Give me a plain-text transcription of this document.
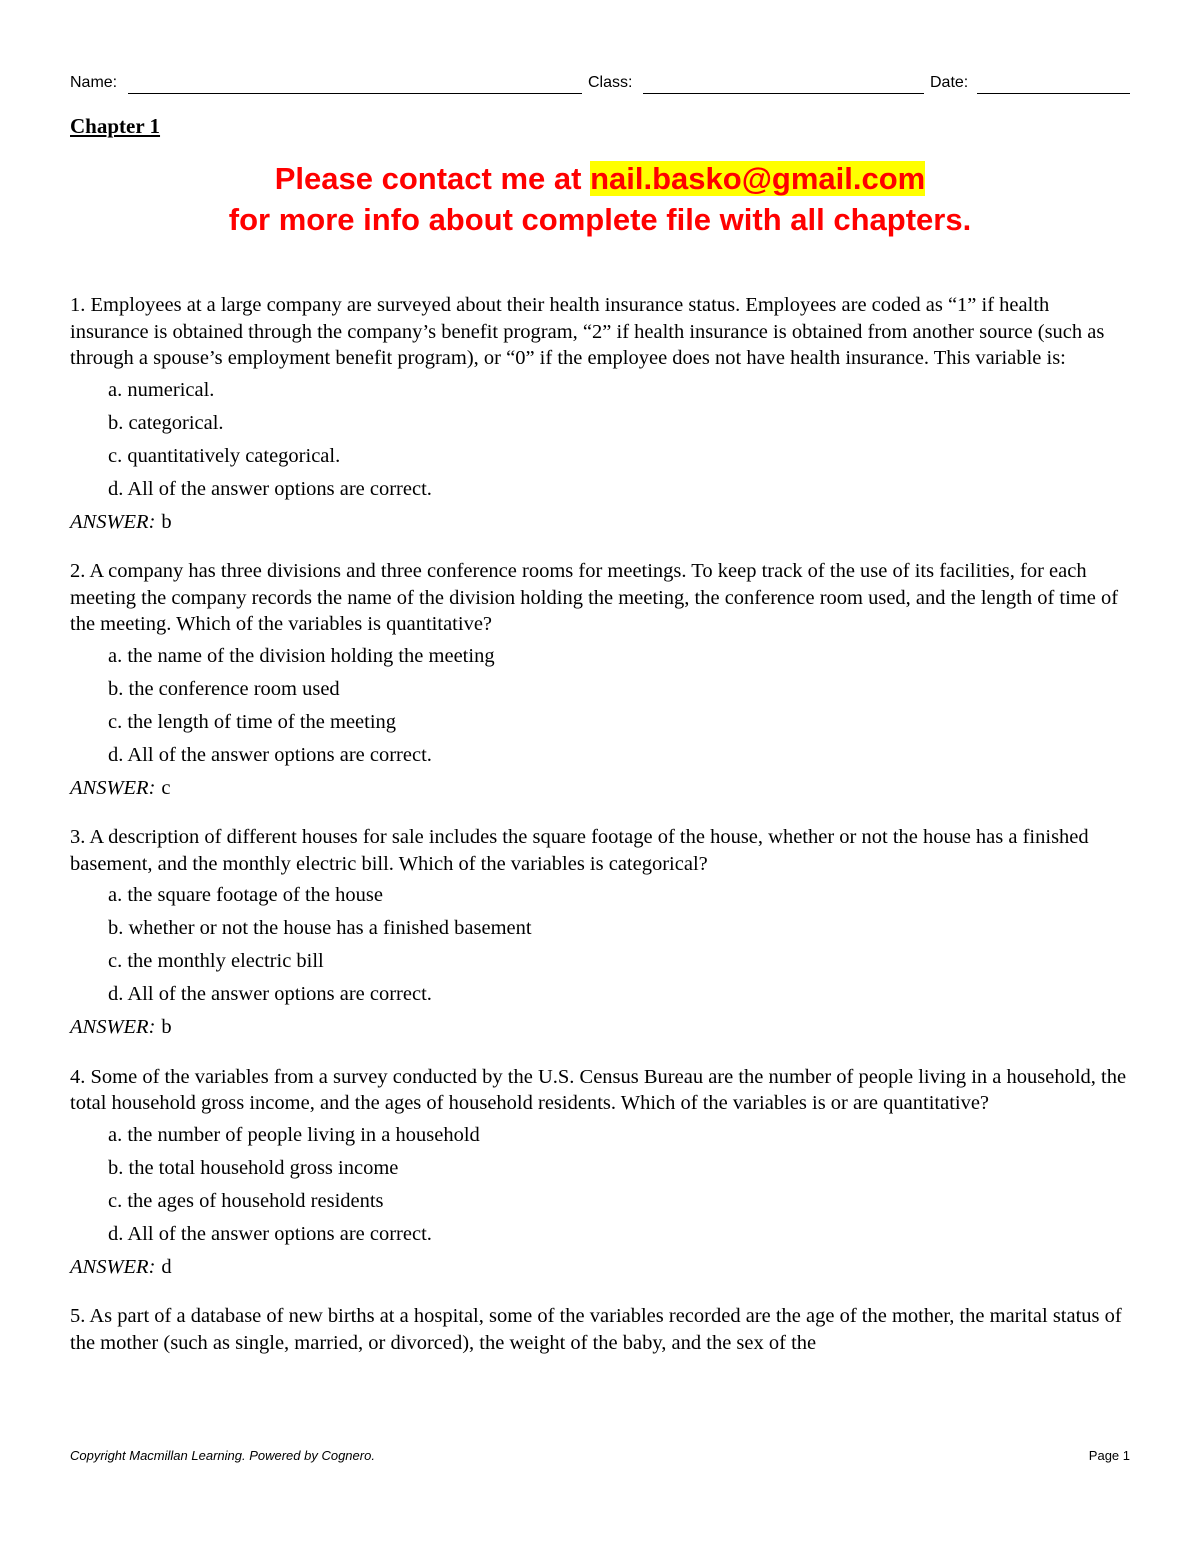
Name:	Class:	Date:
Chapter 1
Please contact me at nail.basko@gmail.com
for more info about complete file with all chapters.

1. Employees at a large company are surveyed about their health insurance status. Employees are coded as “1” if health insurance is obtained through the company’s benefit program, “2” if health insurance is obtained from another source (such as through a spouse’s employment benefit program), or “0” if the employee does not have health insurance. This variable is:

a. numerical.
b. categorical.
c. quantitatively categorical.
d. All of the answer options are correct.

ANSWER: b

2. A company has three divisions and three conference rooms for meetings. To keep track of the use of its facilities, for each meeting the company records the name of the division holding the meeting, the conference room used, and the length of time of the meeting. Which of the variables is quantitative?

a. the name of the division holding the meeting
b. the conference room used
c. the length of time of the meeting
d. All of the answer options are correct.

ANSWER: c

3. A description of different houses for sale includes the square footage of the house, whether or not the house has a finished basement, and the monthly electric bill. Which of the variables is categorical?

a. the square footage of the house
b. whether or not the house has a finished basement
c. the monthly electric bill
d. All of the answer options are correct.

ANSWER: b

4. Some of the variables from a survey conducted by the U.S. Census Bureau are the number of people living in a household, the total household gross income, and the ages of household residents. Which of the variables is or are quantitative?

a. the number of people living in a household
b. the total household gross income
c. the ages of household residents
d. All of the answer options are correct.

ANSWER: d

5. As part of a database of new births at a hospital, some of the variables recorded are the age of the mother, the marital status of the mother (such as single, married, or divorced), the weight of the baby, and the sex of the

Copyright Macmillan Learning. Powered by Cognero.	Page 1
